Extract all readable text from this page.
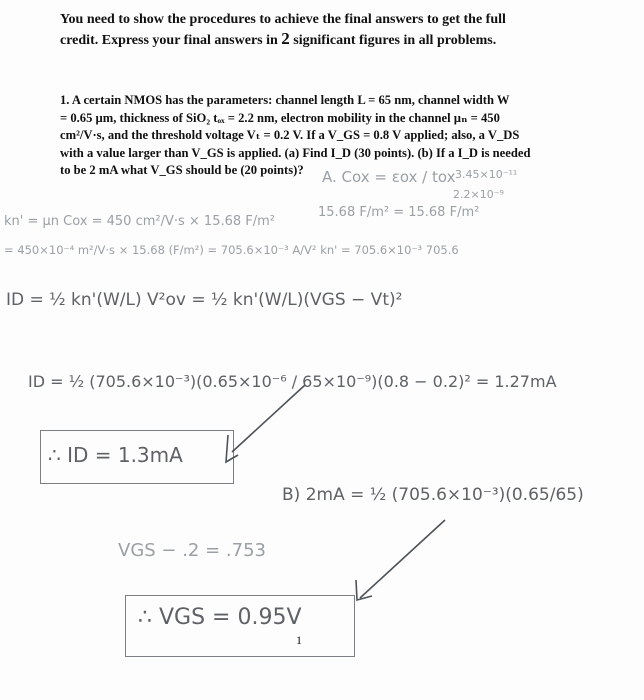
You need to show the procedures to achieve the final answers to get the full
credit. Express your final answers in 2 significant figures in all problems.
1. A certain NMOS has the parameters: channel length L = 65 nm, channel width W
= 0.65 µm, thickness of SiO₂ tₒₓ = 2.2 nm, electron mobility in the channel µₙ = 450
cm²/V·s, and the threshold voltage Vₜ = 0.2 V. If a V_GS = 0.8 V applied; also, a V_DS
with a value larger than V_GS is applied. (a) Find I_D (30 points). (b) If a I_D is needed
to be 2 mA what V_GS should be (20 points)?	A. Cox = εox / tox 3.45×10⁻¹¹
2.2×10⁻⁹
15.68 F/m² = 15.68 F/m²
kn' = µn Cox = 450 cm²/V·s × 15.68 F/m²
= 450×10⁻⁴ m²/V·s × 15.68 (F/m²) = 705.6×10⁻³ A/V² kn' = 705.6×10⁻³ 705.6
ID = ½ kn'(W/L) V²ov = ½ kn'(W/L)(VGS − Vt)²
ID = ½ (705.6×10⁻³)(0.65×10⁻⁶ / 65×10⁻⁹)(0.8 − 0.2)² = 1.27mA
∴ ID = 1.3mA
B) 2mA = ½ (705.6×10⁻³)(0.65/65)
VGS − .2 = .753
∴ VGS = 0.95V
1
